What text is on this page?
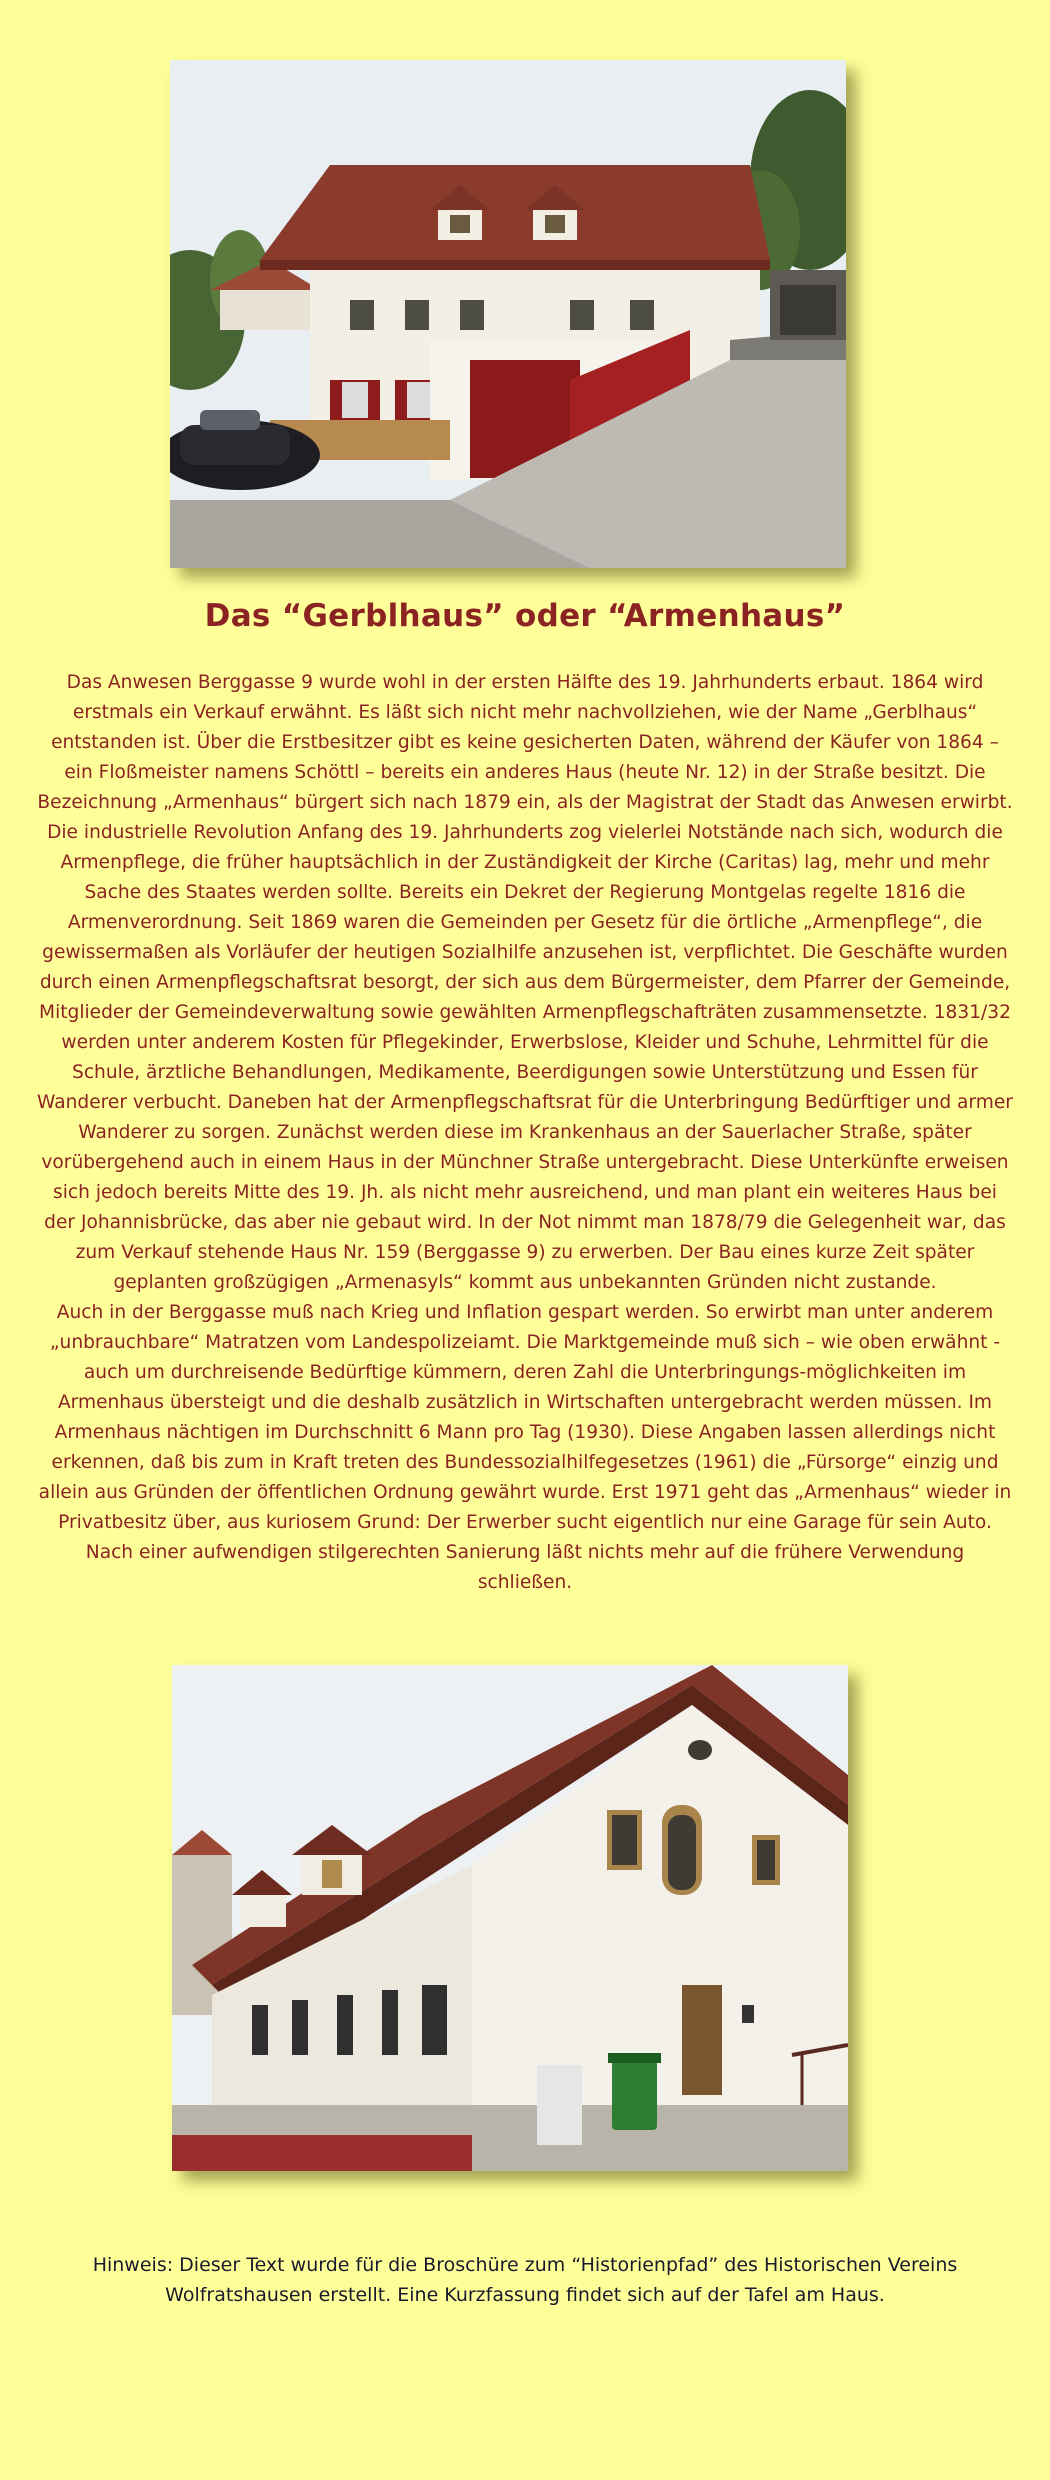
Das “Gerblhaus” oder “Armenhaus”

Das Anwesen Berggasse 9 wurde wohl in der ersten Hälfte des 19. Jahrhunderts erbaut. 1864 wird erstmals ein Verkauf erwähnt. Es läßt sich nicht mehr nachvollziehen, wie der Name „Gerblhaus“ entstanden ist. Über die Erstbesitzer gibt es keine gesicherten Daten, während der Käufer von 1864 – ein Floßmeister namens Schöttl – bereits ein anderes Haus (heute Nr. 12) in der Straße besitzt. Die Bezeichnung „Armenhaus“ bürgert sich nach 1879 ein, als der Magistrat der Stadt das Anwesen erwirbt. Die industrielle Revolution Anfang des 19. Jahrhunderts zog vielerlei Notstände nach sich, wodurch die Armenpflege, die früher hauptsächlich in der Zuständigkeit der Kirche (Caritas) lag, mehr und mehr Sache des Staates werden sollte. Bereits ein Dekret der Regierung Montgelas regelte 1816 die Armenverordnung. Seit 1869 waren die Gemeinden per Gesetz für die örtliche „Armenpflege“, die gewissermaßen als Vorläufer der heutigen Sozialhilfe anzusehen ist, verpflichtet. Die Geschäfte wurden durch einen Armenpflegschaftsrat besorgt, der sich aus dem Bürgermeister, dem Pfarrer der Gemeinde, Mitglieder der Gemeindeverwaltung sowie gewählten Armenpflegschafträten zusammensetzte. 1831/32 werden unter anderem Kosten für Pflegekinder, Erwerbslose, Kleider und Schuhe, Lehrmittel für die Schule, ärztliche Behandlungen, Medikamente, Beerdigungen sowie Unterstützung und Essen für Wanderer verbucht. Daneben hat der Armenpflegschaftsrat für die Unterbringung Bedürftiger und armer Wanderer zu sorgen. Zunächst werden diese im Krankenhaus an der Sauerlacher Straße, später vorübergehend auch in einem Haus in der Münchner Straße untergebracht. Diese Unterkünfte erweisen sich jedoch bereits Mitte des 19. Jh. als nicht mehr ausreichend, und man plant ein weiteres Haus bei der Johannisbrücke, das aber nie gebaut wird. In der Not nimmt man 1878/79 die Gelegenheit war, das zum Verkauf stehende Haus Nr. 159 (Berggasse 9) zu erwerben. Der Bau eines kurze Zeit später geplanten großzügigen „Armenasyls“ kommt aus unbekannten Gründen nicht zustande.

Auch in der Berggasse muß nach Krieg und Inflation gespart werden. So erwirbt man unter anderem „unbrauchbare“ Matratzen vom Landespolizeiamt. Die Marktgemeinde muß sich – wie oben erwähnt - auch um durchreisende Bedürftige kümmern, deren Zahl die Unterbringungs-möglichkeiten im Armenhaus übersteigt und die deshalb zusätzlich in Wirtschaften untergebracht werden müssen. Im Armenhaus nächtigen im Durchschnitt 6 Mann pro Tag (1930). Diese Angaben lassen allerdings nicht erkennen, daß bis zum in Kraft treten des Bundessozialhilfegesetzes (1961) die „Fürsorge“ einzig und allein aus Gründen der öffentlichen Ordnung gewährt wurde. Erst 1971 geht das „Armenhaus“ wieder in Privatbesitz über, aus kuriosem Grund: Der Erwerber sucht eigentlich nur eine Garage für sein Auto. Nach einer aufwendigen stilgerechten Sanierung läßt nichts mehr auf die frühere Verwendung schließen.

Hinweis: Dieser Text wurde für die Broschüre zum “Historienpfad” des Historischen Vereins Wolfratshausen erstellt. Eine Kurzfassung findet sich auf der Tafel am Haus.
